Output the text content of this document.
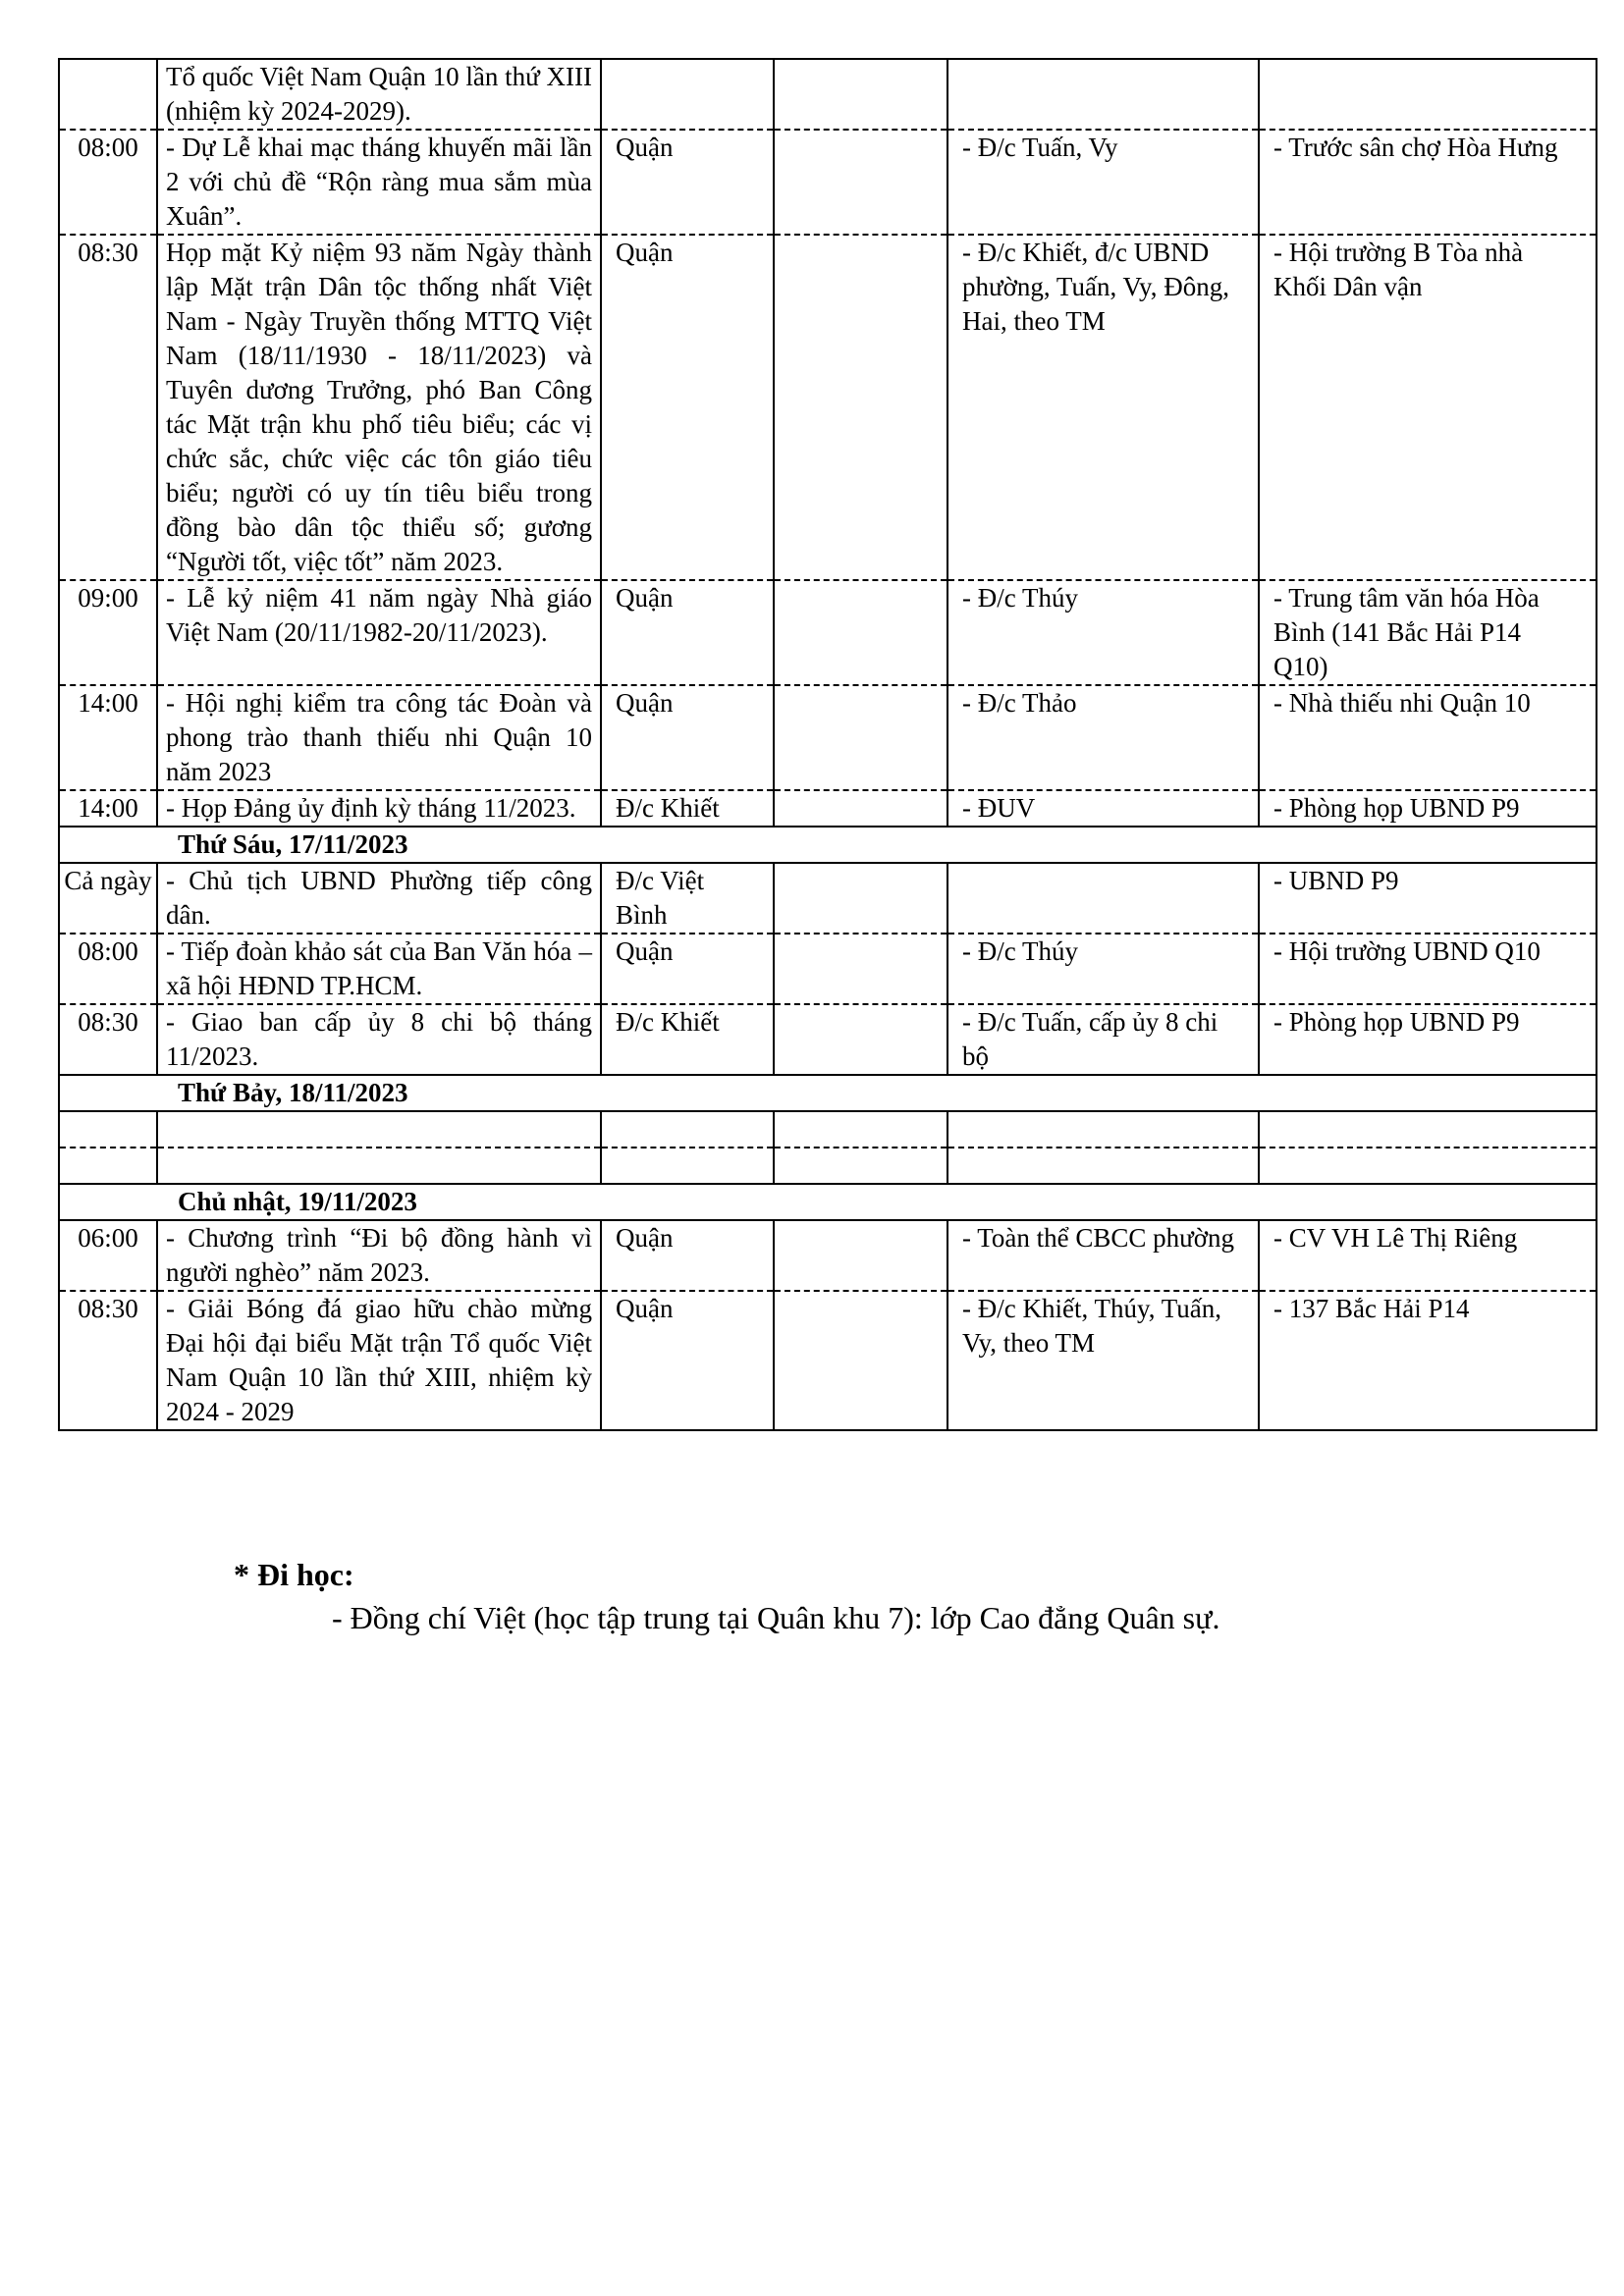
	Tổ quốc Việt Nam Quận 10 lần thứ XIII (nhiệm kỳ 2024-2029).				
08:00	- Dự Lễ khai mạc tháng khuyến mãi lần 2 với chủ đề “Rộn ràng mua sắm mùa Xuân”.	Quận		- Đ/c Tuấn, Vy	- Trước sân chợ Hòa Hưng
08:30	Họp mặt Kỷ niệm 93 năm Ngày thành lập Mặt trận Dân tộc thống nhất Việt Nam - Ngày Truyền thống MTTQ Việt Nam (18/11/1930 - 18/11/2023) và Tuyên dương Trưởng, phó Ban Công tác Mặt trận khu phố tiêu biểu; các vị chức sắc, chức việc các tôn giáo tiêu biểu; người có uy tín tiêu biểu trong đồng bào dân tộc thiểu số; gương “Người tốt, việc tốt” năm 2023.	Quận		- Đ/c Khiết, đ/c UBND phường, Tuấn, Vy, Đông, Hai, theo TM	- Hội trường B Tòa nhà Khối Dân vận
09:00	- Lễ kỷ niệm 41 năm ngày Nhà giáo Việt Nam (20/11/1982-20/11/2023).	Quận		- Đ/c Thúy	- Trung tâm văn hóa Hòa Bình (141 Bắc Hải P14 Q10)
14:00	- Hội nghị kiểm tra công tác Đoàn và phong trào thanh thiếu nhi Quận 10 năm 2023	Quận		- Đ/c Thảo	- Nhà thiếu nhi Quận 10
14:00	- Họp Đảng ủy định kỳ tháng 11/2023.	Đ/c Khiết		- ĐUV	- Phòng họp UBND P9
Thứ Sáu, 17/11/2023					
Cả ngày	- Chủ tịch UBND Phường tiếp công dân.	Đ/c Việt Bình			- UBND P9
08:00	- Tiếp đoàn khảo sát của Ban Văn hóa – xã hội HĐND TP.HCM.	Quận		- Đ/c Thúy	- Hội trường UBND Q10
08:30	- Giao ban cấp ủy 8 chi bộ tháng 11/2023.	Đ/c Khiết		- Đ/c Tuấn, cấp ủy 8 chi bộ	- Phòng họp UBND P9
Thứ Bảy, 18/11/2023					

Chủ nhật, 19/11/2023					
06:00	- Chương trình “Đi bộ đồng hành vì người nghèo” năm 2023.	Quận		- Toàn thể CBCC phường	- CV VH Lê Thị Riêng
08:30	- Giải Bóng đá giao hữu chào mừng Đại hội đại biểu Mặt trận Tổ quốc Việt Nam Quận 10 lần thứ XIII, nhiệm kỳ 2024 - 2029	Quận		- Đ/c Khiết, Thúy, Tuấn, Vy, theo TM	- 137 Bắc Hải P14
* Đi học:
- Đồng chí Việt (học tập trung tại Quân khu 7): lớp Cao đẳng Quân sự.
